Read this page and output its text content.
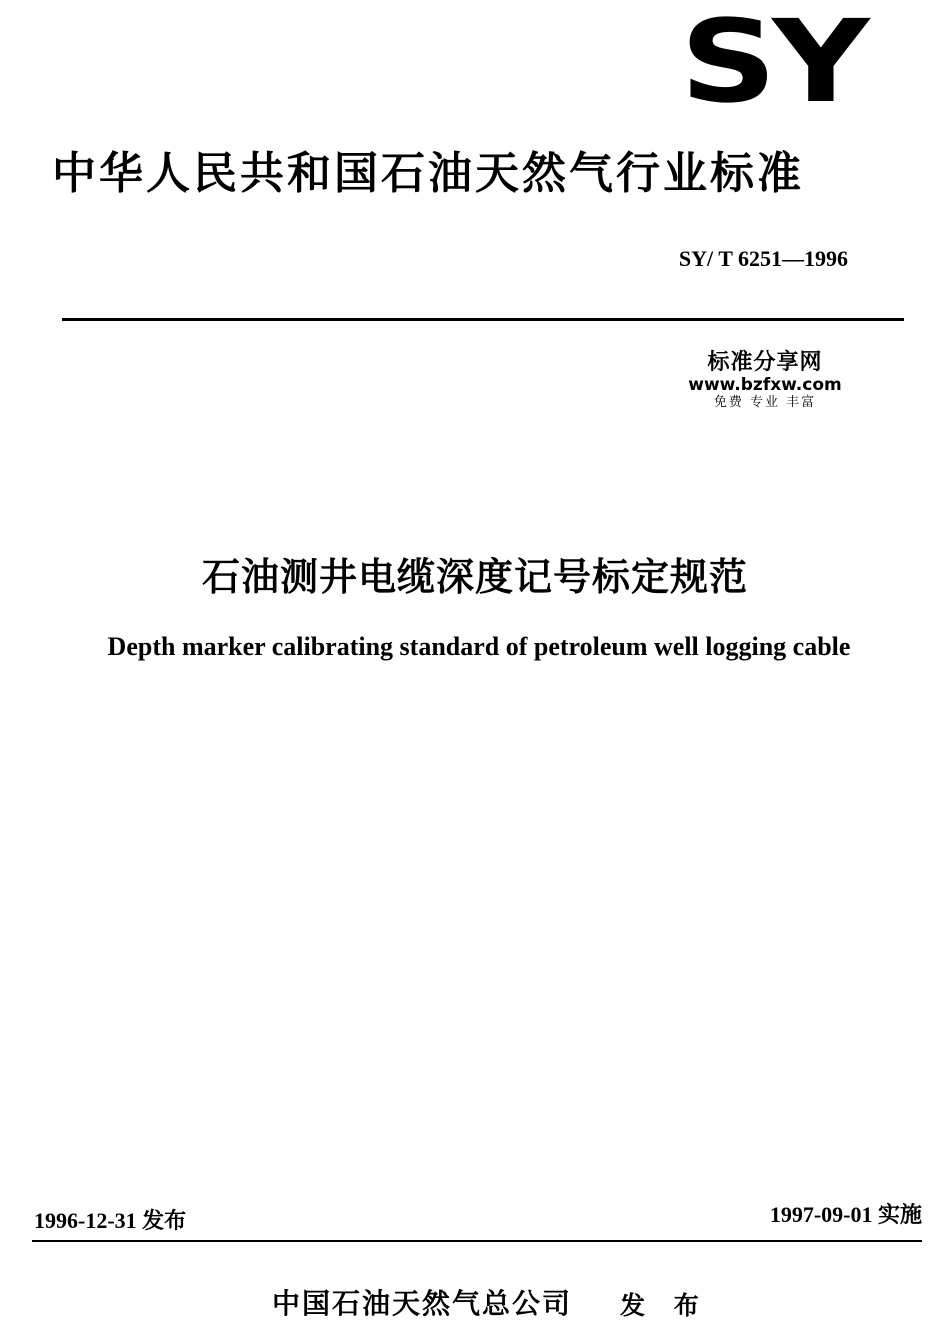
SY
中华人民共和国石油天然气行业标准
SY/ T 6251—1996
标准分享网
www.bzfxw.com
免费 专业 丰富
石油测井电缆深度记号标定规范
Depth marker calibrating standard of petroleum well logging cable
1996-12-31 发布	1997-09-01 实施
中国石油天然气总公司 发 布
